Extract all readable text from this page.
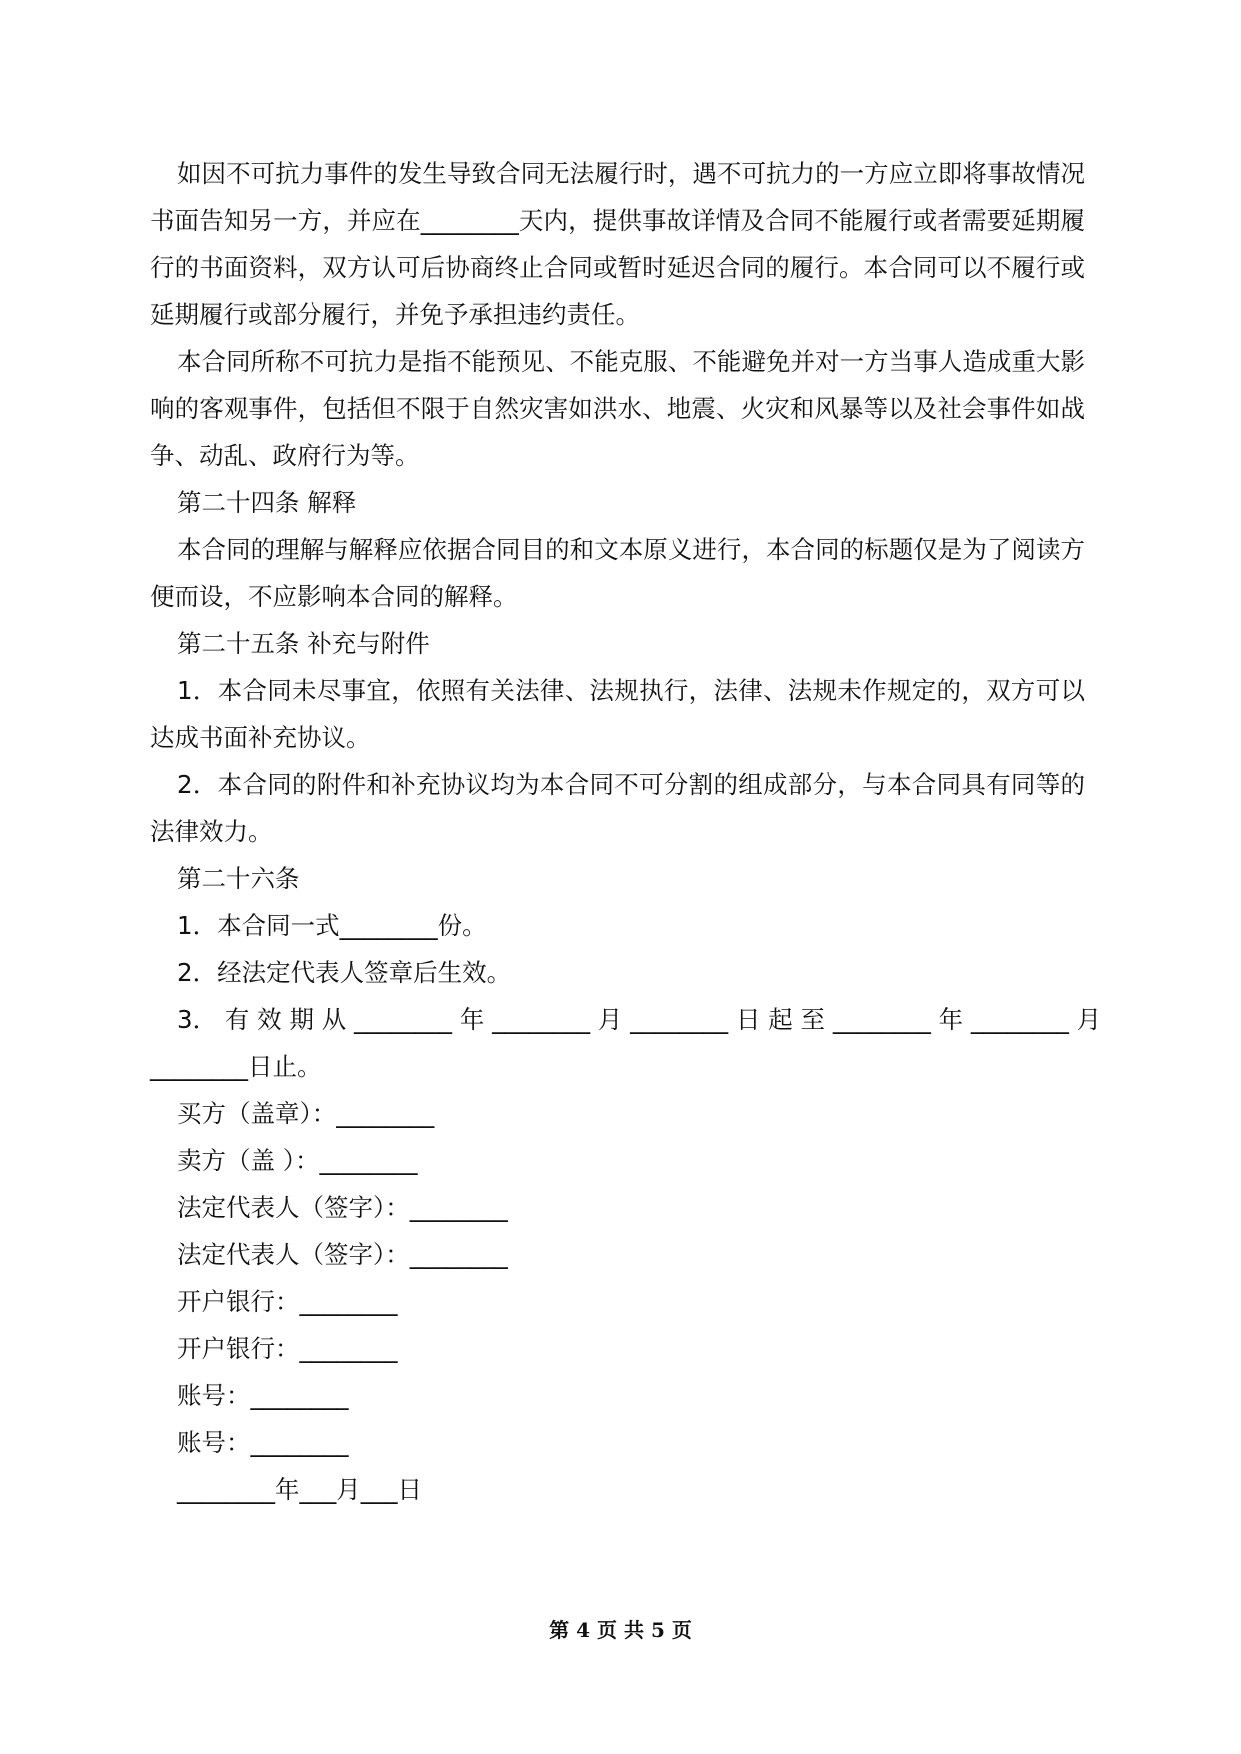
如因不可抗力事件的发生导致合同无法履行时，遇不可抗力的一方应立即将事故情况书面告知另一方，并应在________天内，提供事故详情及合同不能履行或者需要延期履行的书面资料，双方认可后协商终止合同或暂时延迟合同的履行。本合同可以不履行或延期履行或部分履行，并免予承担违约责任。

本合同所称不可抗力是指不能预见、不能克服、不能避免并对一方当事人造成重大影响的客观事件，包括但不限于自然灾害如洪水、地震、火灾和风暴等以及社会事件如战争、动乱、政府行为等。

第二十四条 解释

本合同的理解与解释应依据合同目的和文本原义进行，本合同的标题仅是为了阅读方便而设，不应影响本合同的解释。

第二十五条 补充与附件

1．本合同未尽事宜，依照有关法律、法规执行，法律、法规未作规定的，双方可以达成书面补充协议。

2．本合同的附件和补充协议均为本合同不可分割的组成部分，与本合同具有同等的法律效力。

第二十六条

1．本合同一式________份。

2．经法定代表人签章后生效。

3． 有 效 期 从 ________ 年 ________ 月 ________ 日 起 至 ________ 年 ________ 月

________日止。

买方（盖章）：________

卖方（盖 ）：________

法定代表人（签字）：________

法定代表人（签字）：________

开户银行：________

开户银行：________

账号：________

账号：________

________年___月___日

第 4 页 共 5 页
